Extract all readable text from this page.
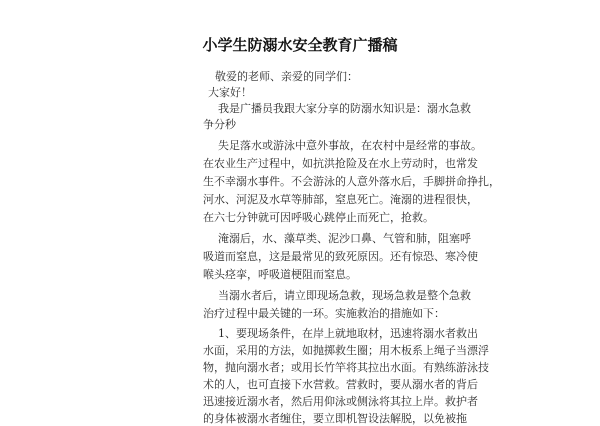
小学生防溺水安全教育广播稿
敬爱的老师、亲爱的同学们：
大家好！
我是广播员我跟大家分享的防溺水知识是：溺水急救
争分秒
失足落水或游泳中意外事故，在农村中是经常的事故。
在农业生产过程中，如抗洪抢险及在水上劳动时，也常发
生不幸溺水事件。不会游泳的人意外落水后，手脚拼命挣扎，
河水、河泥及水草等肺部，窒息死亡。淹溺的进程很快，
在六七分钟就可因呼吸心跳停止而死亡，抢救。
淹溺后，水、藻草类、泥沙口鼻、气管和肺，阻塞呼
吸道而窒息，这是最常见的致死原因。还有惊恐、寒冷使
喉头痉挛，呼吸道梗阻而窒息。
当溺水者后，请立即现场急救，现场急救是整个急救
治疗过程中最关键的一环。实施救治的措施如下：
1、要现场条件，在岸上就地取材，迅速将溺水者救出
水面，采用的方法，如抛掷救生圈；用木板系上绳子当漂浮
物，抛向溺水者；或用长竹竿将其拉出水面。有熟练游泳技
术的人，也可直接下水营救。营救时，要从溺水者的背后
迅速接近溺水者，然后用仰泳或侧泳将其拉上岸。救护者
的身体被溺水者缠住，要立即机智设法解脱，以免被拖
